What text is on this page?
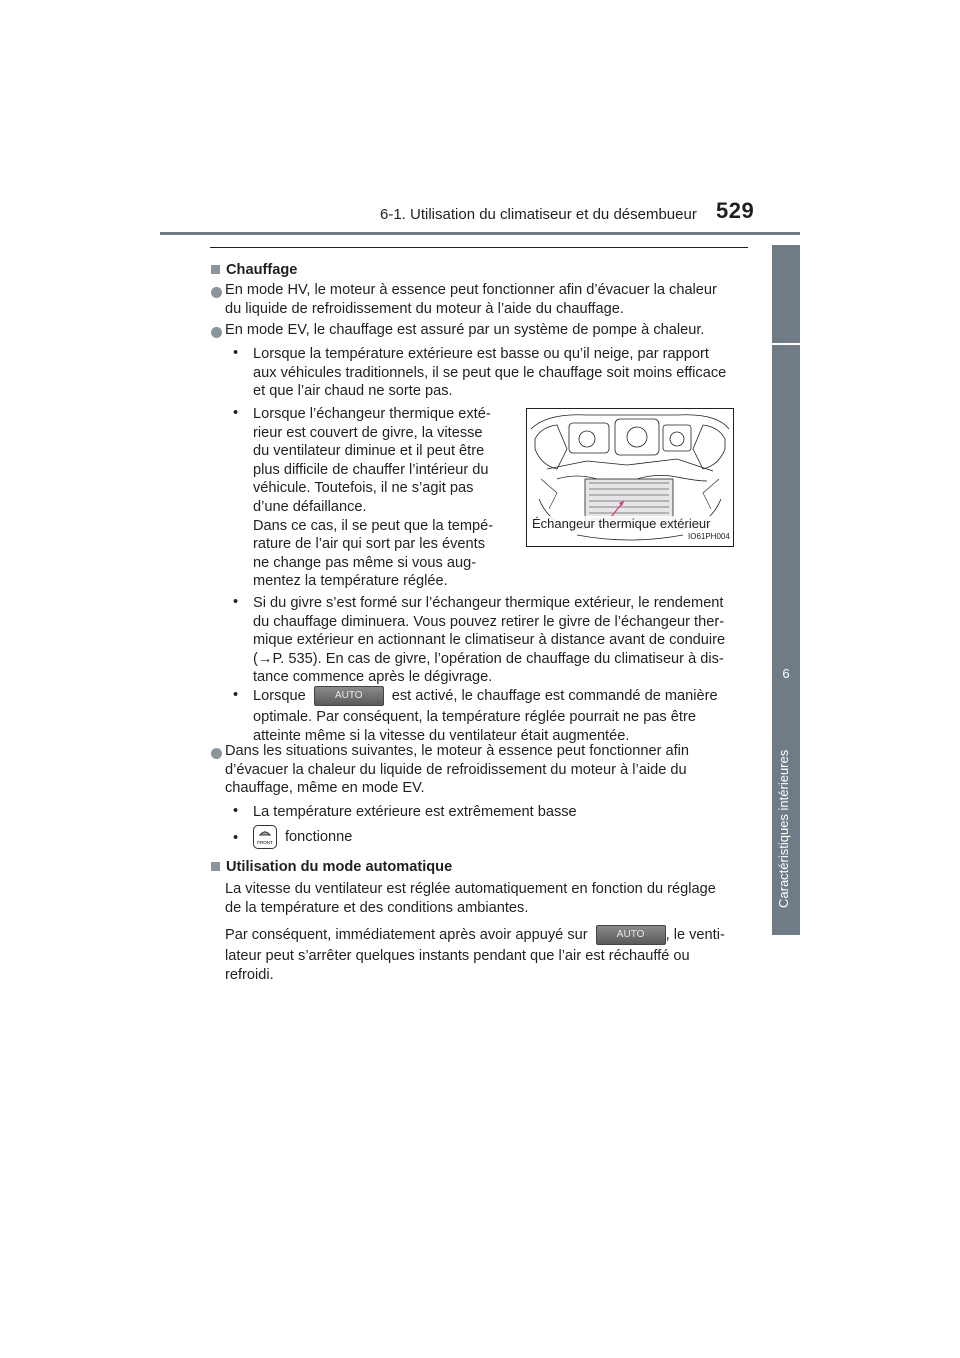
6-1. Utilisation du climatiseur et du désembueur 529
6
Caractéristiques intérieures
Chauffage
En mode HV, le moteur à essence peut fonctionner afin d’évacuer la chaleur
du liquide de refroidissement du moteur à l’aide du chauffage.
En mode EV, le chauffage est assuré par un système de pompe à chaleur.
• Lorsque la température extérieure est basse ou qu’il neige, par rapport
aux véhicules traditionnels, il se peut que le chauffage soit moins efficace
et que l’air chaud ne sorte pas.
• Lorsque l’échangeur thermique exté-
rieur est couvert de givre, la vitesse
du ventilateur diminue et il peut être
plus difficile de chauffer l’intérieur du
véhicule. Toutefois, il ne s’agit pas
d’une défaillance.
Dans ce cas, il se peut que la tempé-
rature de l’air qui sort par les évents
ne change pas même si vous aug-
mentez la température réglée.
Échangeur thermique extérieur
IO61PH004
• Si du givre s’est formé sur l’échangeur thermique extérieur, le rendement
du chauffage diminuera. Vous pouvez retirer le givre de l’échangeur ther-
mique extérieur en actionnant le climatiseur à distance avant de conduire
(→P. 535). En cas de givre, l’opération de chauffage du climatiseur à dis-
tance commence après le dégivrage.
• Lorsque	AUTO	est activé, le chauffage est commandé de manière
optimale. Par conséquent, la température réglée pourrait ne pas être
atteinte même si la vitesse du ventilateur était augmentée.
Dans les situations suivantes, le moteur à essence peut fonctionner afin
d’évacuer la chaleur du liquide de refroidissement du moteur à l’aide du
chauffage, même en mode EV.
• La température extérieure est extrêmement basse
•	FRONT fonctionne
Utilisation du mode automatique
La vitesse du ventilateur est réglée automatiquement en fonction du réglage
de la température et des conditions ambiantes.
Par conséquent, immédiatement après avoir appuyé sur	AUTO	, le venti-
lateur peut s’arrêter quelques instants pendant que l’air est réchauffé ou
refroidi.
